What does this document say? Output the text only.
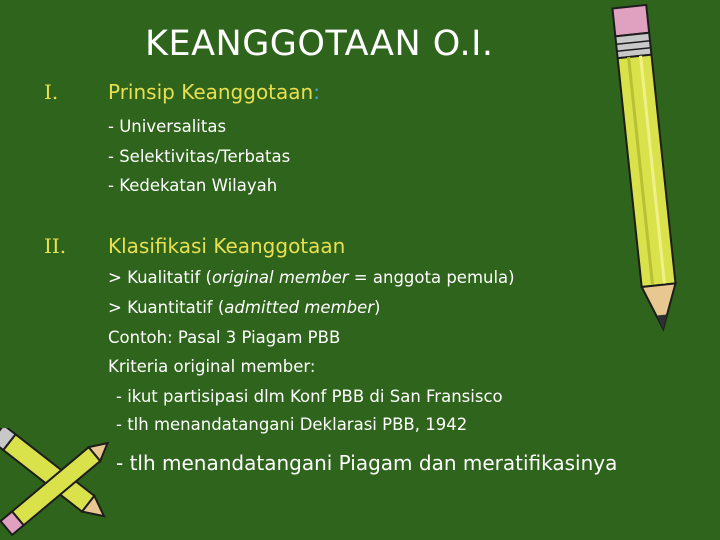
KEANGGOTAAN O.I.
I. Prinsip Keanggotaan:
- Universalitas
- Selektivitas/Terbatas
- Kedekatan Wilayah
II. Klasifikasi Keanggotaan
> Kualitatif (original member = anggota pemula)
> Kuantitatif (admitted member)
Contoh: Pasal 3 Piagam PBB
Kriteria original member:
- ikut partisipasi dlm Konf PBB di San Fransisco
- tlh menandatangani Deklarasi PBB, 1942
- tlh menandatangani Piagam dan meratifikasinya
